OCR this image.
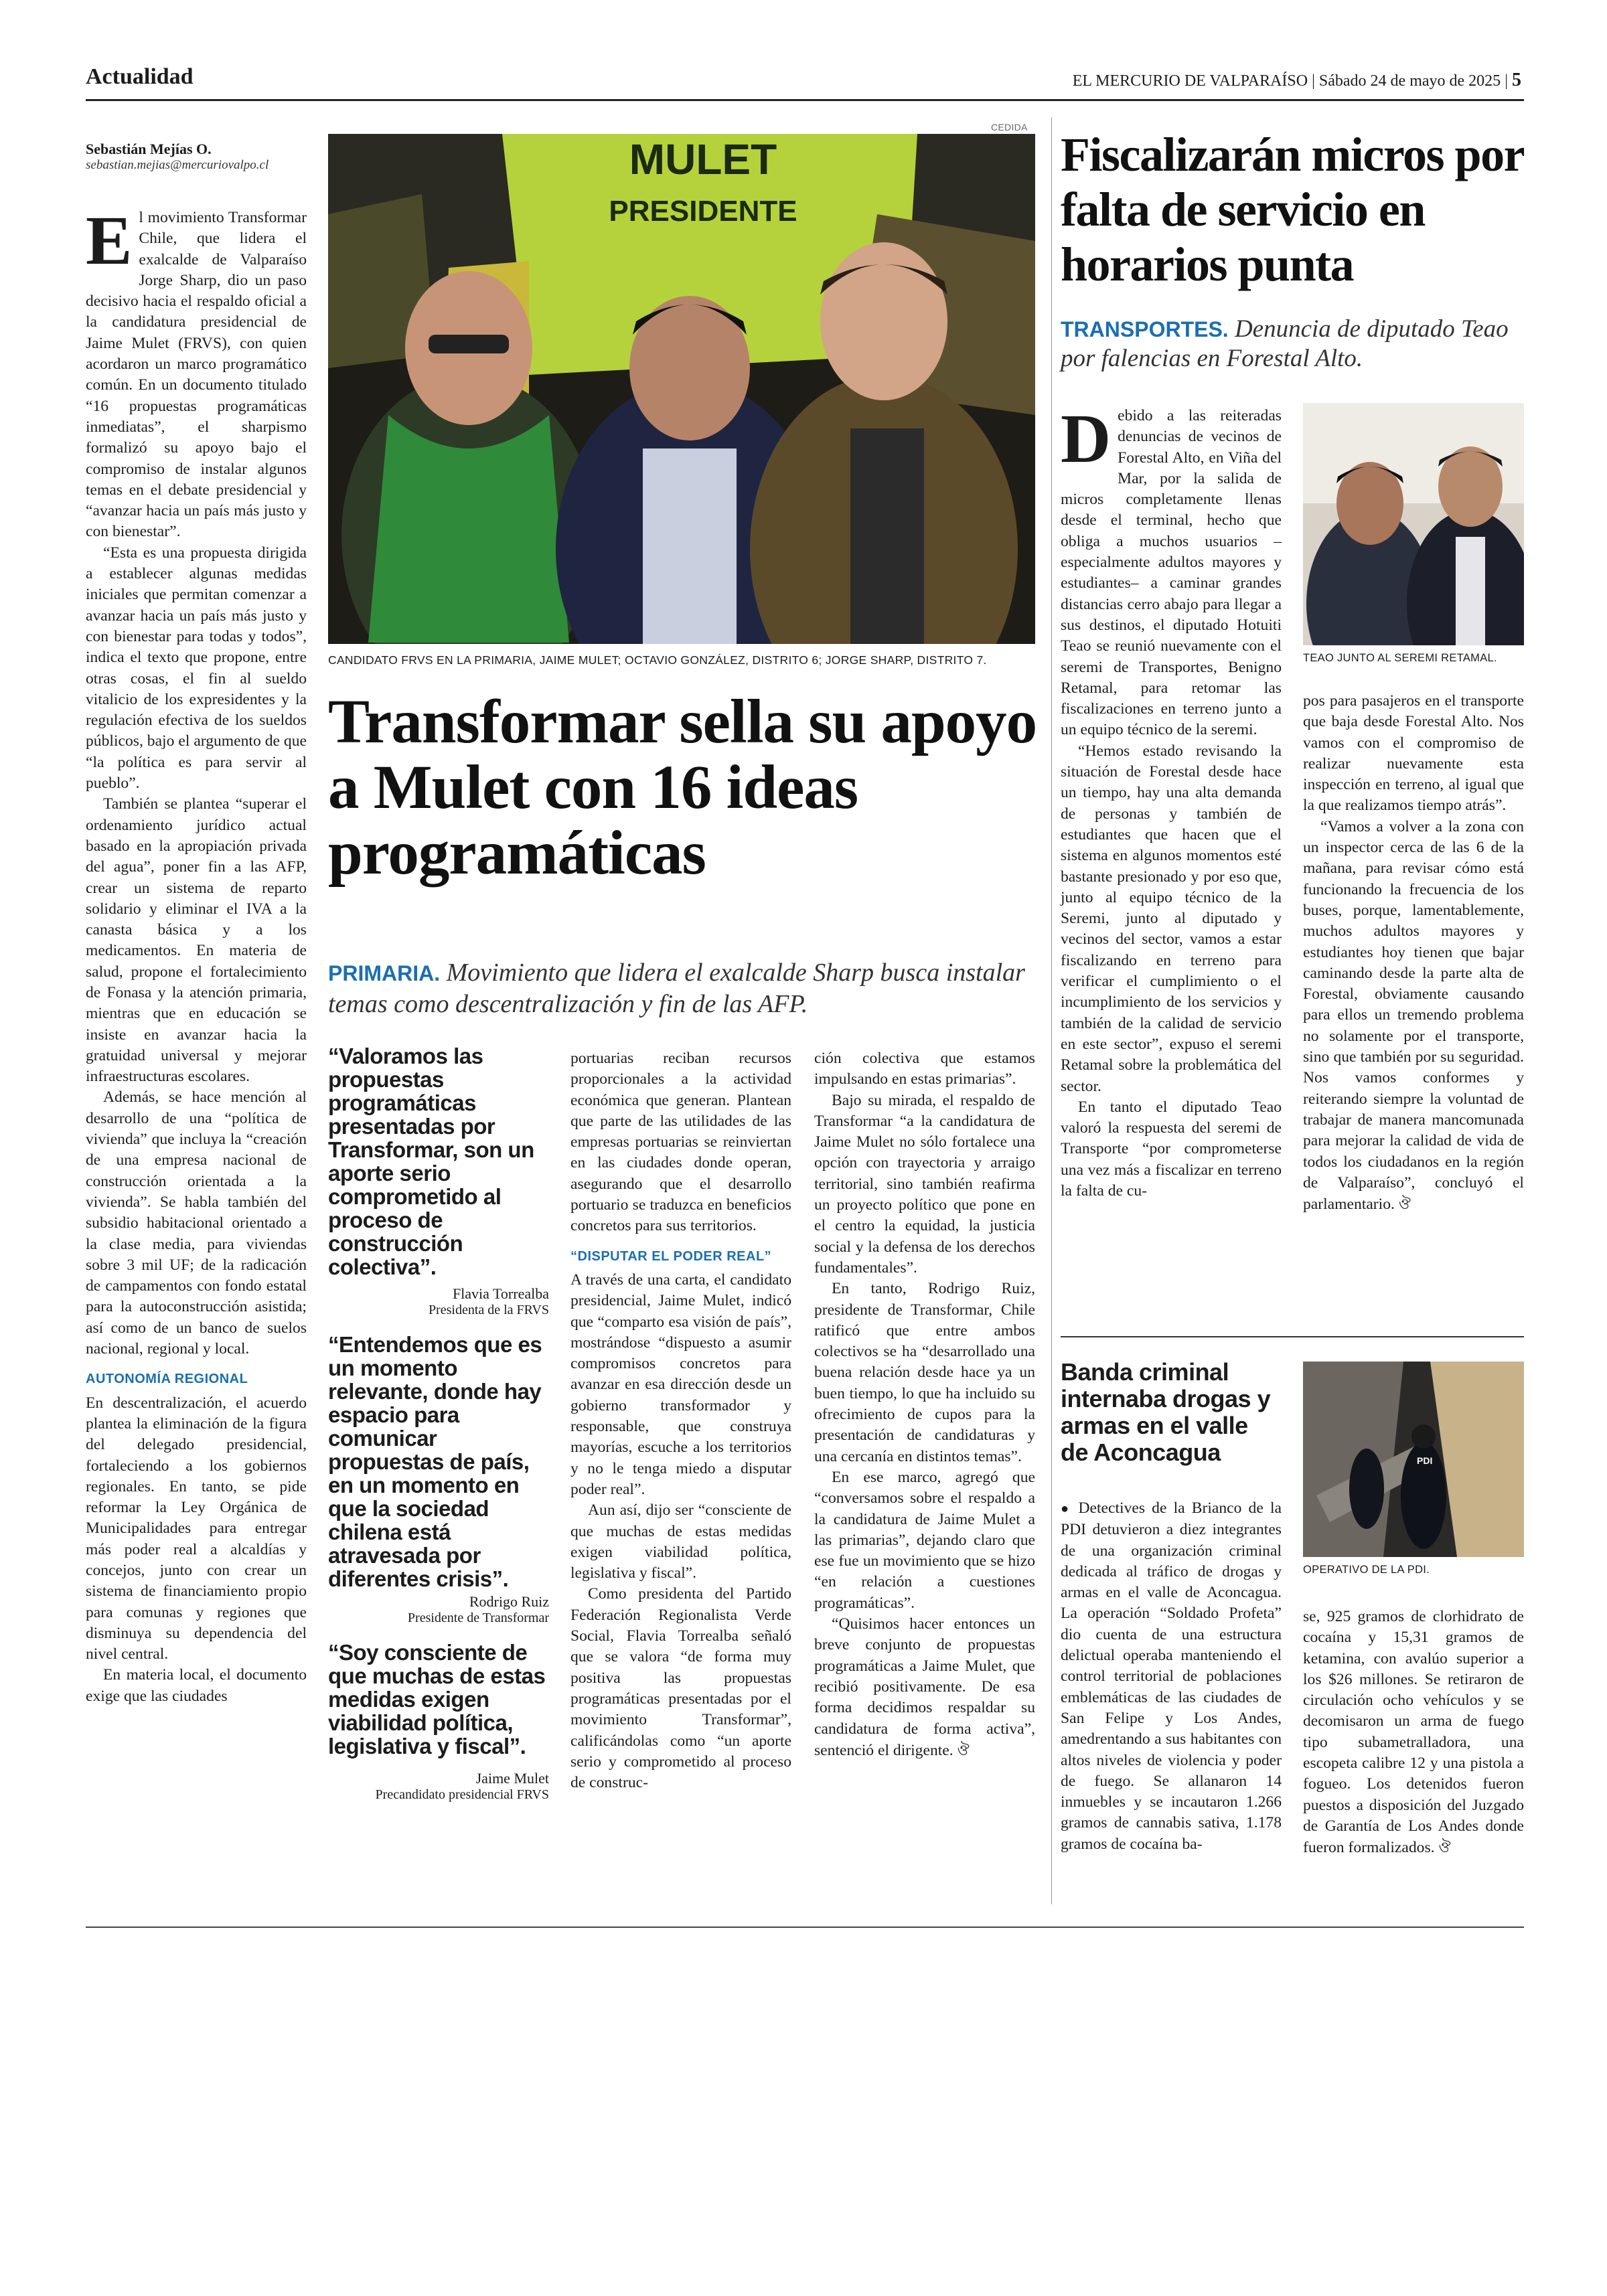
Actualidad	EL MERCURIO DE VALPARAÍSO | Sábado 24 de mayo de 2025 | 5
Sebastián Mejías O.
sebastian.mejias@mercuriovalpo.cl
CEDIDA
MULET
PRESIDENTE
CANDIDATO FRVS EN LA PRIMARIA, JAIME MULET; OCTAVIO GONZÁLEZ, DISTRITO 6; JORGE SHARP, DISTRITO 7.
Transformar sella su apoyo a Mulet con 16 ideas programáticas
PRIMARIA. Movimiento que lidera el exalcalde Sharp busca instalar temas como descentralización y fin de las AFP.

El movimiento Transformar Chile, que lidera el exalcalde de Valparaíso Jorge Sharp, dio un paso decisivo hacia el respaldo oficial a la candidatura presidencial de Jaime Mulet (FRVS), con quien acordaron un marco programático común. En un documento titulado “16 propuestas programáticas inmediatas”, el sharpismo formalizó su apoyo bajo el compromiso de instalar algunos temas en el debate presidencial y “avanzar hacia un país más justo y con bienestar”.

“Esta es una propuesta dirigida a establecer algunas medidas iniciales que permitan comenzar a avanzar hacia un país más justo y con bienestar para todas y todos”, indica el texto que propone, entre otras cosas, el fin al sueldo vitalicio de los expresidentes y la regulación efectiva de los sueldos públicos, bajo el argumento de que “la política es para servir al pueblo”.

También se plantea “superar el ordenamiento jurídico actual basado en la apropiación privada del agua”, poner fin a las AFP, crear un sistema de reparto solidario y eliminar el IVA a la canasta básica y a los medicamentos. En materia de salud, propone el fortalecimiento de Fonasa y la atención primaria, mientras que en educación se insiste en avanzar hacia la gratuidad universal y mejorar infraestructuras escolares.

Además, se hace mención al desarrollo de una “política de vivienda” que incluya la “creación de una empresa nacional de construcción orientada a la vivienda”. Se habla también del subsidio habitacional orientado a la clase media, para viviendas sobre 3 mil UF; de la radicación de campamentos con fondo estatal para la autoconstrucción asistida; así como de un banco de suelos nacional, regional y local.

AUTONOMÍA REGIONAL

En descentralización, el acuerdo plantea la eliminación de la figura del delegado presidencial, fortaleciendo a los gobiernos regionales. En tanto, se pide reformar la Ley Orgánica de Municipalidades para entregar más poder real a alcaldías y concejos, junto con crear un sistema de financiamiento propio para comunas y regiones que disminuya su dependencia del nivel central.

En materia local, el documento exige que las ciudades

“Valoramos las propuestas programáticas presentadas por Transformar, son un aporte serio comprometido al proceso de construcción colectiva”.
Flavia Torrealba
Presidenta de la FRVS
“Entendemos que es un momento relevante, donde hay espacio para comunicar propuestas de país, en un momento en que la sociedad chilena está atravesada por diferentes crisis”.
Rodrigo Ruiz
Presidente de Transformar
“Soy consciente de que muchas de estas medidas exigen viabilidad política, legislativa y fiscal”.
Jaime Mulet
Precandidato presidencial FRVS

portuarias reciban recursos proporcionales a la actividad económica que generan. Plantean que parte de las utilidades de las empresas portuarias se reinviertan en las ciudades donde operan, asegurando que el desarrollo portuario se traduzca en beneficios concretos para sus territorios.

“DISPUTAR EL PODER REAL”

A través de una carta, el candidato presidencial, Jaime Mulet, indicó que “comparto esa visión de país”, mostrándose “dispuesto a asumir compromisos concretos para avanzar en esa dirección desde un gobierno transformador y responsable, que construya mayorías, escuche a los territorios y no le tenga miedo a disputar poder real”.

Aun así, dijo ser “consciente de que muchas de estas medidas exigen viabilidad política, legislativa y fiscal”.

Como presidenta del Partido Federación Regionalista Verde Social, Flavia Torrealba señaló que se valora “de forma muy positiva las propuestas programáticas presentadas por el movimiento Transformar”, calificándolas como “un aporte serio y comprometido al proceso de construc-

ción colectiva que estamos impulsando en estas primarias”.

Bajo su mirada, el respaldo de Transformar “a la candidatura de Jaime Mulet no sólo fortalece una opción con trayectoria y arraigo territorial, sino también reafirma un proyecto político que pone en el centro la equidad, la justicia social y la defensa de los derechos fundamentales”.

En tanto, Rodrigo Ruiz, presidente de Transformar, Chile ratificó que entre ambos colectivos se ha “desarrollado una buena relación desde hace ya un buen tiempo, lo que ha incluido su ofrecimiento de cupos para la presentación de candidaturas y una cercanía en distintos temas”.

En ese marco, agregó que “conversamos sobre el respaldo a la candidatura de Jaime Mulet a las primarias”, dejando claro que ese fue un movimiento que se hizo “en relación a cuestiones programáticas”.

“Quisimos hacer entonces un breve conjunto de propuestas programáticas a Jaime Mulet, que recibió positivamente. De esa forma decidimos respaldar su candidatura de forma activa”, sentenció el dirigente. ঔ

Fiscalizarán micros por falta de servicio en horarios punta
TRANSPORTES. Denuncia de diputado Teao por falencias en Forestal Alto.

Debido a las reiteradas denuncias de vecinos de Forestal Alto, en Viña del Mar, por la salida de micros completamente llenas desde el terminal, hecho que obliga a muchos usuarios –especialmente adultos mayores y estudiantes– a caminar grandes distancias cerro abajo para llegar a sus destinos, el diputado Hotuiti Teao se reunió nuevamente con el seremi de Transportes, Benigno Retamal, para retomar las fiscalizaciones en terreno junto a un equipo técnico de la seremi.

“Hemos estado revisando la situación de Forestal desde hace un tiempo, hay una alta demanda de personas y también de estudiantes que hacen que el sistema en algunos momentos esté bastante presionado y por eso que, junto al equipo técnico de la Seremi, junto al diputado y vecinos del sector, vamos a estar fiscalizando en terreno para verificar el cumplimiento o el incumplimiento de los servicios y también de la calidad de servicio en este sector”, expuso el seremi Retamal sobre la problemática del sector.

En tanto el diputado Teao valoró la respuesta del seremi de Transporte “por comprometerse una vez más a fiscalizar en terreno la falta de cu-

TEAO JUNTO AL SEREMI RETAMAL.

pos para pasajeros en el transporte que baja desde Forestal Alto. Nos vamos con el compromiso de realizar nuevamente esta inspección en terreno, al igual que la que realizamos tiempo atrás”.

“Vamos a volver a la zona con un inspector cerca de las 6 de la mañana, para revisar cómo está funcionando la frecuencia de los buses, porque, lamentablemente, muchos adultos mayores y estudiantes hoy tienen que bajar caminando desde la parte alta de Forestal, obviamente causando para ellos un tremendo problema no solamente por el transporte, sino que también por su seguridad. Nos vamos conformes y reiterando siempre la voluntad de trabajar de manera mancomunada para mejorar la calidad de vida de todos los ciudadanos en la región de Valparaíso”, concluyó el parlamentario. ঔ

Banda criminal internaba drogas y armas en el valle de Aconcagua	PDI
OPERATIVO DE LA PDI.

● Detectives de la Brianco de la PDI detuvieron a diez integrantes de una organización criminal dedicada al tráfico de drogas y armas en el valle de Aconcagua. La operación “Soldado Profeta” dio cuenta de una estructura delictual operaba manteniendo el control territorial de poblaciones emblemáticas de las ciudades de San Felipe y Los Andes, amedrentando a sus habitantes con altos niveles de violencia y poder de fuego. Se allanaron 14 inmuebles y se incautaron 1.266 gramos de cannabis sativa, 1.178 gramos de cocaína ba-

se, 925 gramos de clorhidrato de cocaína y 15,31 gramos de ketamina, con avalúo superior a los $26 millones. Se retiraron de circulación ocho vehículos y se decomisaron un arma de fuego tipo subametralladora, una escopeta calibre 12 y una pistola a fogueo. Los detenidos fueron puestos a disposición del Juzgado de Garantía de Los Andes donde fueron formalizados. ঔ
